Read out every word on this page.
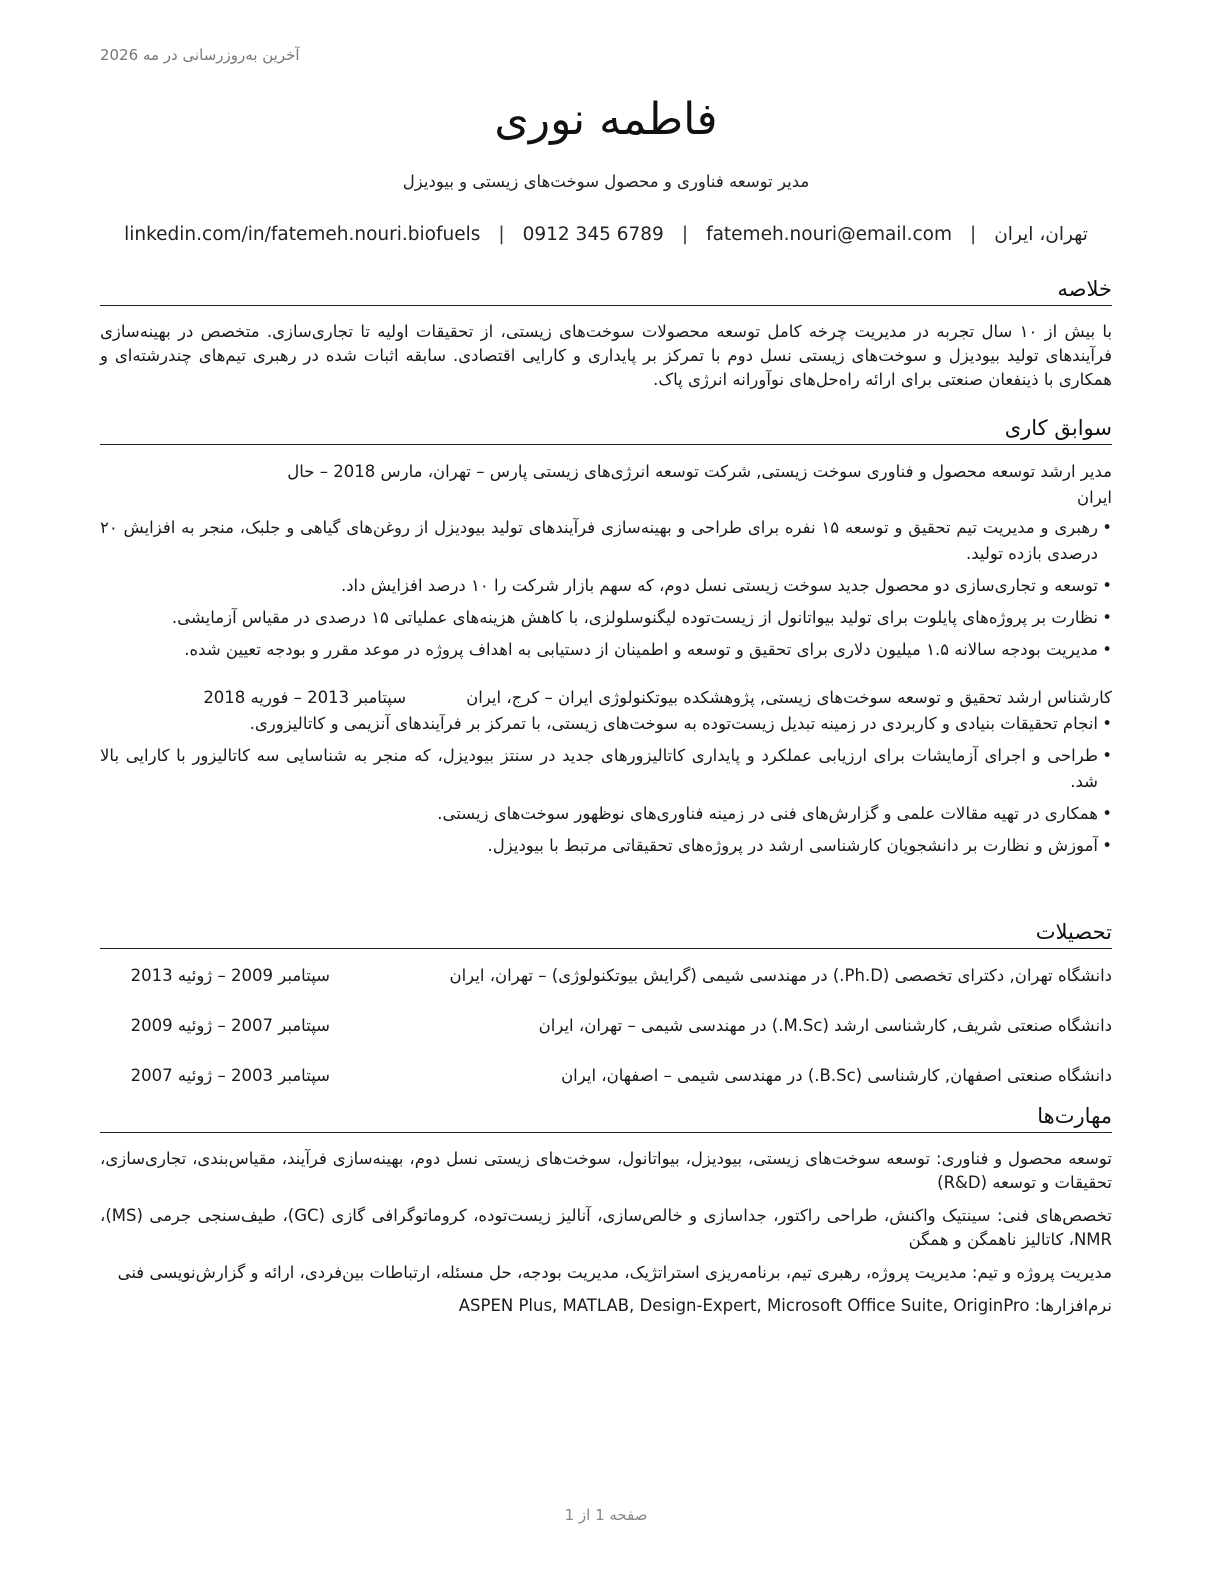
آخرین به‌روزرسانی در مه 2026
فاطمه نوری
مدیر توسعه فناوری و محصول سوخت‌های زیستی و بیودیزل
تهران، ایران
|
fatemeh.nouri@email.com
|
0912 345 6789
|
linkedin.com/in/fatemeh.nouri.biofuels
خلاصه

با بیش از ۱۰ سال تجربه در مدیریت چرخه کامل توسعه محصولات سوخت‌های زیستی، از تحقیقات اولیه تا تجاری‌سازی. متخصص در بهینه‌سازی فرآیندهای تولید بیودیزل و سوخت‌های زیستی نسل دوم با تمرکز بر پایداری و کارایی اقتصادی. سابقه اثبات شده در رهبری تیم‌های چندرشته‌ای و همکاری با ذینفعان صنعتی برای ارائه راه‌حل‌های نوآورانه انرژی پاک.

سوابق کاری
مدیر ارشد توسعه محصول و فناوری سوخت زیستی, شرکت توسعه انرژی‌های زیستی پارس – تهران، مارس 2018 – حال
ایران
• رهبری و مدیریت تیم تحقیق و توسعه ۱۵ نفره برای طراحی و بهینه‌سازی فرآیندهای تولید بیودیزل از روغن‌های گیاهی و جلبک، منجر به افزایش ۲۰ درصدی بازده تولید.
• توسعه و تجاری‌سازی دو محصول جدید سوخت زیستی نسل دوم، که سهم بازار شرکت را ۱۰ درصد افزایش داد.
• نظارت بر پروژه‌های پایلوت برای تولید بیواتانول از زیست‌توده لیگنوسلولزی، با کاهش هزینه‌های عملیاتی ۱۵ درصدی در مقیاس آزمایشی.
• مدیریت بودجه سالانه ۱.۵ میلیون دلاری برای تحقیق و توسعه و اطمینان از دستیابی به اهداف پروژه در موعد مقرر و بودجه تعیین شده.
کارشناس ارشد تحقیق و توسعه سوخت‌های زیستی, پژوهشکده بیوتکنولوژی ایران – کرج، ایران
سپتامبر 2013 – فوریه 2018
• انجام تحقیقات بنیادی و کاربردی در زمینه تبدیل زیست‌توده به سوخت‌های زیستی، با تمرکز بر فرآیندهای آنزیمی و کاتالیزوری.
• طراحی و اجرای آزمایشات برای ارزیابی عملکرد و پایداری کاتالیزورهای جدید در سنتز بیودیزل، که منجر به شناسایی سه کاتالیزور با کارایی بالا شد.
• همکاری در تهیه مقالات علمی و گزارش‌های فنی در زمینه فناوری‌های نوظهور سوخت‌های زیستی.
• آموزش و نظارت بر دانشجویان کارشناسی ارشد در پروژه‌های تحقیقاتی مرتبط با بیودیزل.
تحصیلات
دانشگاه تهران, دکترای تخصصی (Ph.D.) در مهندسی شیمی (گرایش بیوتکنولوژی) – تهران، ایران
سپتامبر 2009 – ژوئیه 2013
دانشگاه صنعتی شریف, کارشناسی ارشد (M.Sc.) در مهندسی شیمی – تهران، ایران
سپتامبر 2007 – ژوئیه 2009
دانشگاه صنعتی اصفهان, کارشناسی (B.Sc.) در مهندسی شیمی – اصفهان، ایران
سپتامبر 2003 – ژوئیه 2007
مهارت‌ها

توسعه محصول و فناوری: توسعه سوخت‌های زیستی، بیودیزل، بیواتانول، سوخت‌های زیستی نسل دوم، بهینه‌سازی فرآیند، مقیاس‌بندی، تجاری‌سازی، تحقیقات و توسعه (R&D)

تخصص‌های فنی: سینتیک واکنش، طراحی راکتور، جداسازی و خالص‌سازی، آنالیز زیست‌توده، کروماتوگرافی گازی (GC)، طیف‌سنجی جرمی (MS)، NMR، کاتالیز ناهمگن و همگن

مدیریت پروژه و تیم: مدیریت پروژه، رهبری تیم، برنامه‌ریزی استراتژیک، مدیریت بودجه، حل مسئله، ارتباطات بین‌فردی، ارائه و گزارش‌نویسی فنی

نرم‌افزارها: ASPEN Plus, MATLAB, Design-Expert, Microsoft Office Suite, OriginPro

صفحه 1 از 1
